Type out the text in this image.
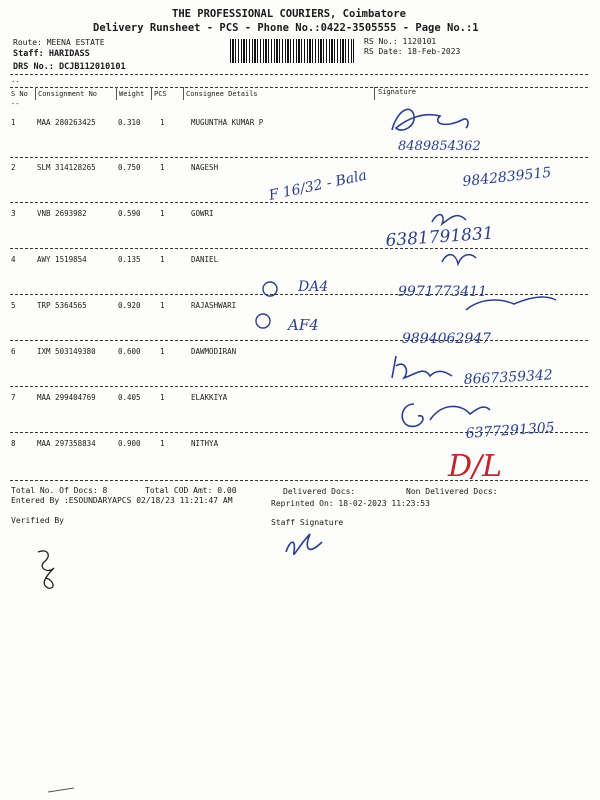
THE PROFESSIONAL COURIERS, Coimbatore
Delivery Runsheet - PCS - Phone No.:0422-3505555 - Page No.:1
Route: MEENA ESTATE
Staff: HARIDASS
DRS No.: DCJB112010101
RS No.: 1120101
RS Date: 18-Feb-2023
--
S No Consignment No	Weight PCS	Consignee Details	Signature
--
1	MAA 280263425	0.310	1	MUGUNTHA KUMAR P
2	SLM 314128265	0.750	1	NAGESH
3	VNB 2693982	0.590	1	GOWRI
4	AWY 1519854	0.135	1	DANIEL
5	TRP 5364565	0.920	1	RAJASHWARI
6	IXM 503149380	0.600	1	DAWMODIRAN
7	MAA 299404769	0.405	1	ELAKKIYA
8	MAA 297358834	0.900	1	NITHYA
Total No. Of Docs: 8	Total COD Amt: 0.00	Delivered Docs:	Non Delivered Docs:
Entered By :ESOUNDARYAPCS 02/18/23 11:21:47 AM	Reprinted On: 18-02-2023 11:23:53
Verified By	Staff Signature
8489854362
F 16/32 - Bala	9842839515
6381791831
9971773411
DA4
AF4
9894062947
8667359342
6377291305
D/L
